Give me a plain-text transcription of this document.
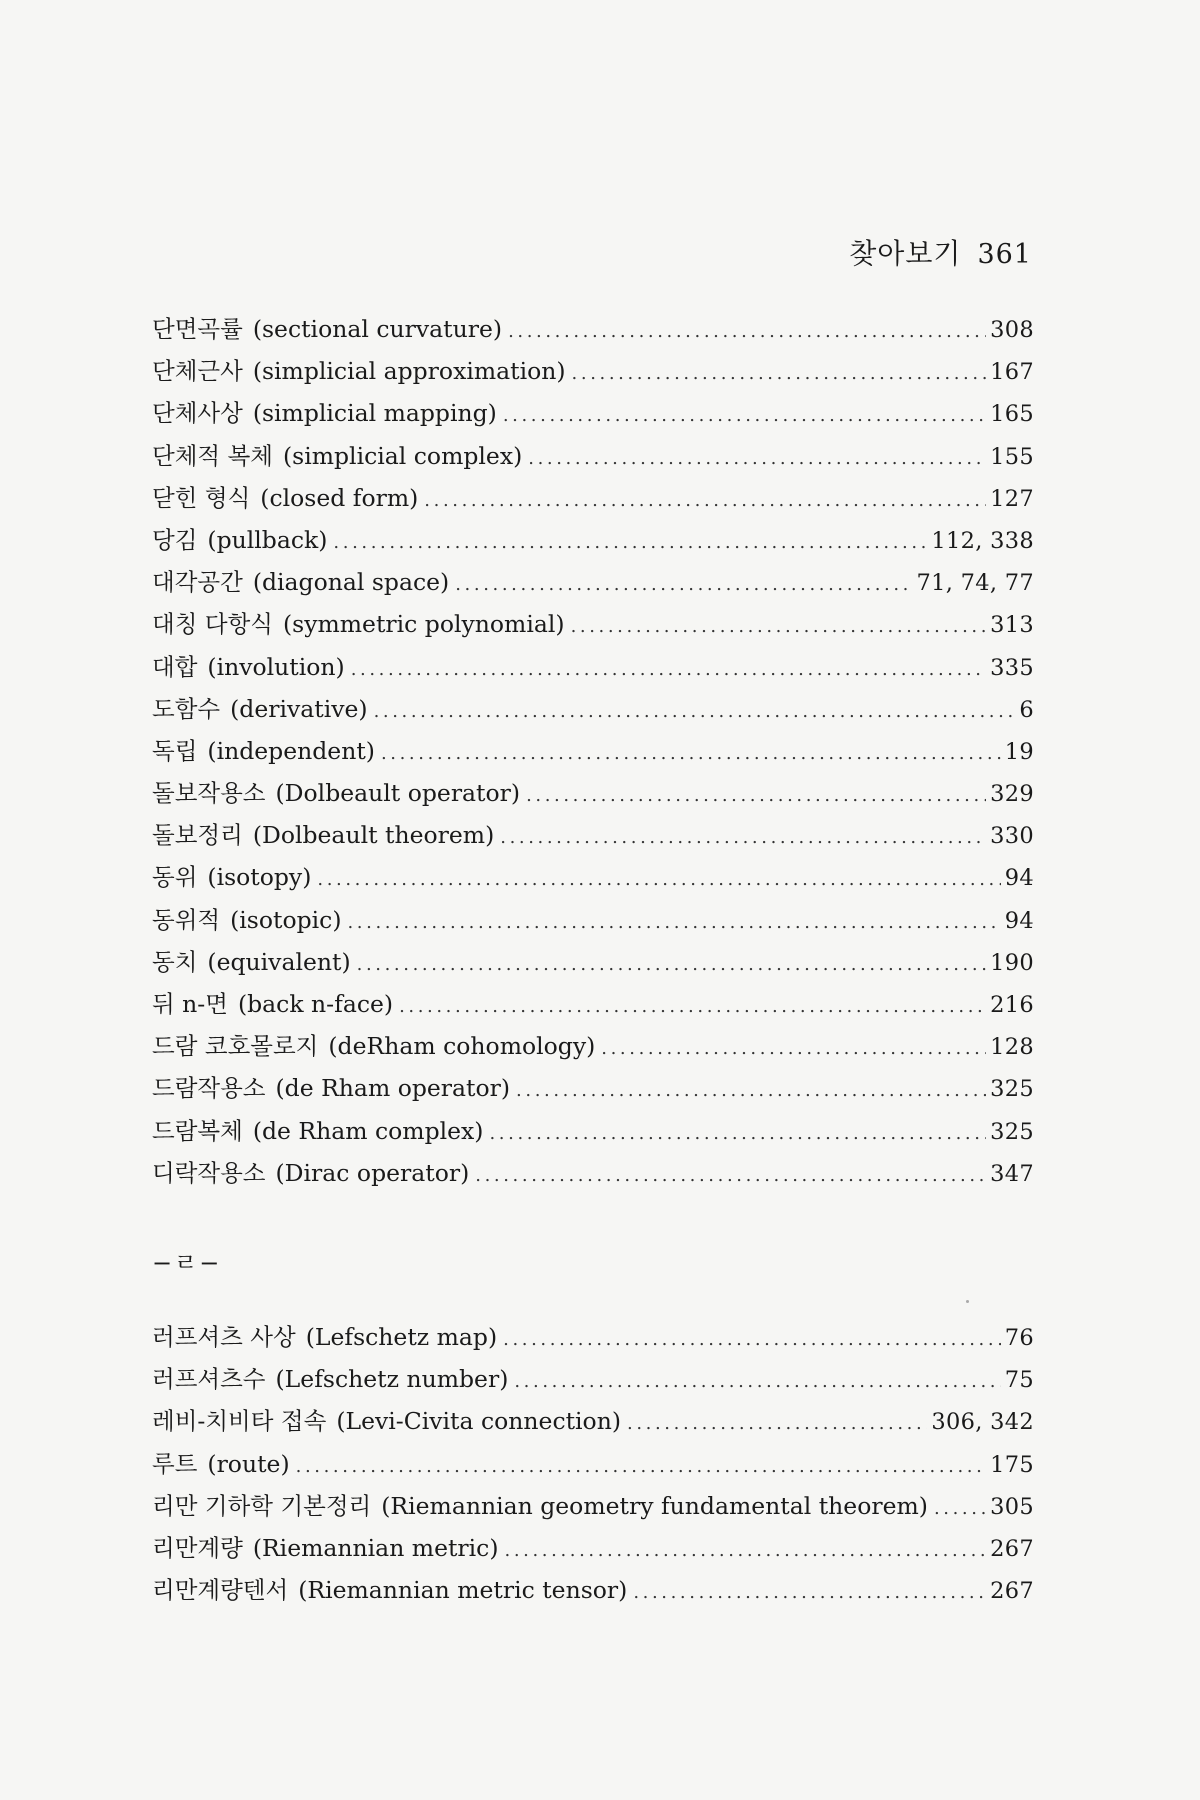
찾아보기 361
단면곡률 (sectional curvature) .....	308
단체근사 (simplicial approximation) .....	167
단체사상 (simplicial mapping) .....	165
단체적 복체 (simplicial complex) .....	155
닫힌 형식 (closed form) .....	127
당김 (pullback) .....	112, 338
대각공간 (diagonal space) .....	71, 74, 77
대칭 다항식 (symmetric polynomial) .....	313
대합 (involution) .....	335
도함수 (derivative) .....	6
독립 (independent) .....	19
돌보작용소 (Dolbeault operator) .....	329
돌보정리 (Dolbeault theorem) .....	330
동위 (isotopy) .....	94
동위적 (isotopic) .....	94
동치 (equivalent) .....	190
뒤 n-면 (back n-face) .....	216
드람 코호몰로지 (deRham cohomology) .....	128
드람작용소 (de Rham operator) .....	325
드람복체 (de Rham complex) .....	325
디락작용소 (Dirac operator) .....	347
−ㄹ−
러프셔츠 사상 (Lefschetz map) .....	76
러프셔츠수 (Lefschetz number) .....	75
레비-치비타 접속 (Levi-Civita connection) .....	306, 342
루트 (route) .....	175
리만 기하학 기본정리 (Riemannian geometry fundamental theorem) .....	305
리만계량 (Riemannian metric) .....	267
리만계량텐서 (Riemannian metric tensor) .....	267
